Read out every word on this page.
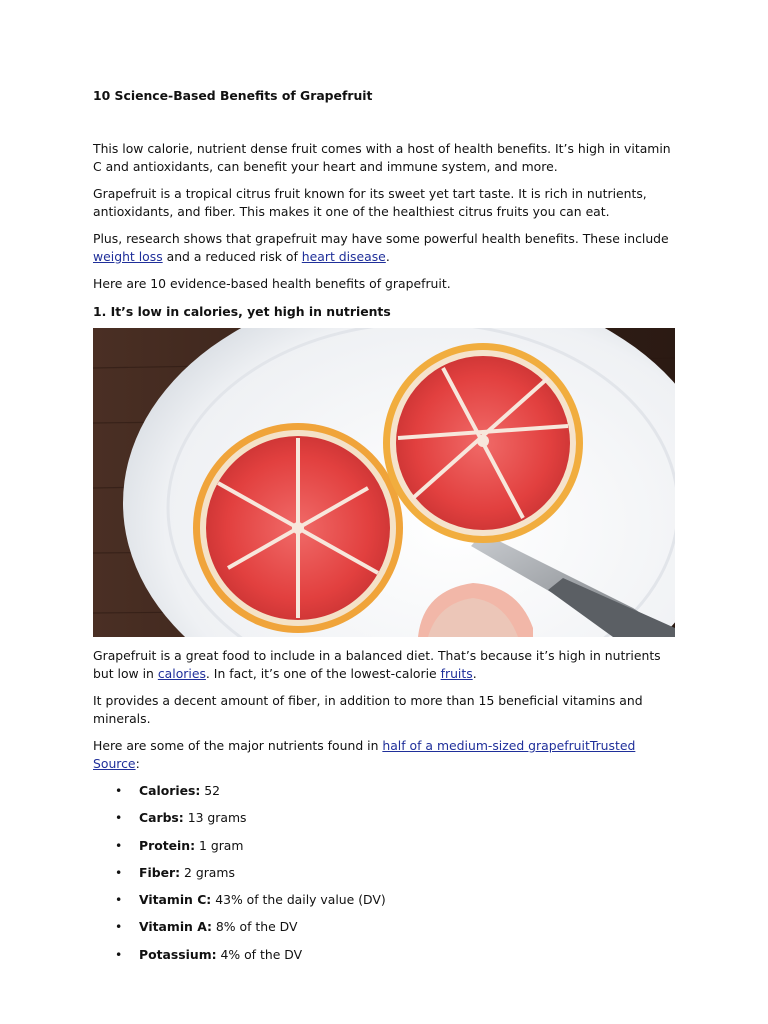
10 Science-Based Benefits of Grapefruit

This low calorie, nutrient dense fruit comes with a host of health benefits. It’s high in vitamin C and antioxidants, can benefit your heart and immune system, and more.

Grapefruit is a tropical citrus fruit known for its sweet yet tart taste. It is rich in nutrients, antioxidants, and fiber. This makes it one of the healthiest citrus fruits you can eat.

Plus, research shows that grapefruit may have some powerful health benefits. These include weight loss and a reduced risk of heart disease.

Here are 10 evidence-based health benefits of grapefruit.

1. It’s low in calories, yet high in nutrients

Grapefruit is a great food to include in a balanced diet. That’s because it’s high in nutrients but low in calories. In fact, it’s one of the lowest-calorie fruits.

It provides a decent amount of fiber, in addition to more than 15 beneficial vitamins and minerals.

Here are some of the major nutrients found in half of a medium-sized grapefruitTrusted Source:

• Calories: 52
• Carbs: 13 grams
• Protein: 1 gram
• Fiber: 2 grams
• Vitamin C: 43% of the daily value (DV)
• Vitamin A: 8% of the DV
• Potassium: 4% of the DV
